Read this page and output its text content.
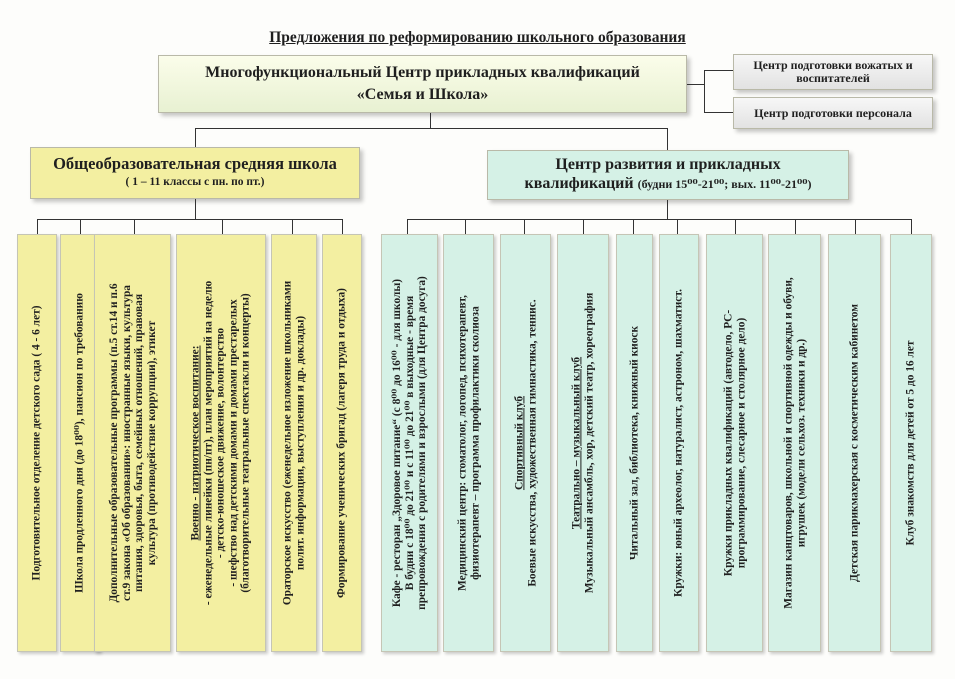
Предложения по реформированию школьного образования
Многофункциональный Центр прикладных квалификаций
«Семья и Школа»
Центр подготовки вожатых и воспитателей
Центр подготовки персонала
Общеобразовательная средняя школа
( 1 – 11 классы с пн. по пт.)
Центр развития и прикладных
квалификаций (будни 15⁰⁰-21⁰⁰; вых. 11⁰⁰-21⁰⁰)
Подготовительное отделение детского сада ( 4 - 6 лет)	Школа продленного дня (до 18⁰⁰), пансион по требованию Дополнительные образовательные программы (п.5 ст.14 и п.6 ст.9 закона «Об образовании»: иностранные языки, культура питания, здоровья, быта, семейных отношений, правовая культура (противодействие коррупции), этикет	Военно - патриотическое воспитание: - еженедельные линейки (пн/пт), план мероприятий на неделю - детско-юношеское движение, волонтерство - шефство над детскими домами и домами престарелых (благотворительные театральные спектакли и концерты)	Ораторское искусство (еженедельное изложение школьниками полит. информации, выступления и др. доклады)	Формирование ученических бригад (лагеря труда и отдыха)	Кафе - ресторан „Здоровое питание“ (с 8⁰⁰ до 16⁰⁰ - для школы) В будни с 18⁰⁰ до 21⁰⁰ и с 11⁰⁰ до 21⁰⁰ в выходные - время препровождения с родителями и взрослыми (для Центра досуга) Медицинский центр: стоматолог, логопед, психотерапевт, физиотерапевт – программа профилактики сколиоза	Спортивный клуб Боевые искусства, художественная гимнастика, теннис.	Театрально – музыкальный клуб Музыкальный ансамбль, хор, детский театр, хореография	Читальный зал, библиотека, книжный киоск	Кружки: юный археолог, натуралист, астроном, шахматист.	Кружки прикладных квалификаций (автодело, PC- программирование, слесарное и столярное дело)	Магазин канцтоваров, школьной и спортивной одежды и обуви, игрушек (модели сельхоз. техники и др.)	Детская парикмахерская с косметическим кабинетом	Клуб знакомств для детей от 5 до 16 лет
